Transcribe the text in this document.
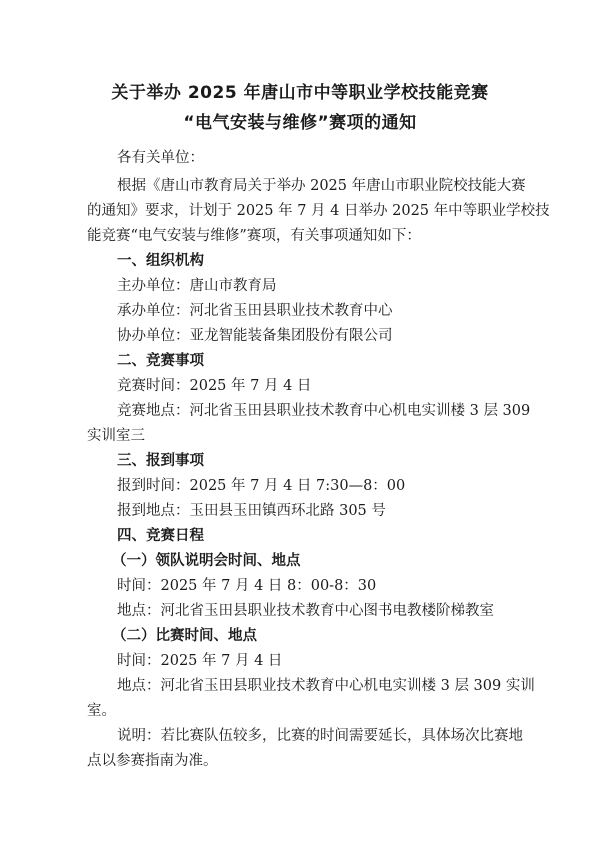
关于举办 2025 年唐山市中等职业学校技能竞赛
“电气安装与维修”赛项的通知

各有关单位：

根据《唐山市教育局关于举办 2025 年唐山市职业院校技能大赛

的通知》要求，计划于 2025 年 7 月 4 日举办 2025 年中等职业学校技

能竞赛“电气安装与维修”赛项，有关事项通知如下：

一、组织机构

主办单位：唐山市教育局

承办单位：河北省玉田县职业技术教育中心

协办单位：亚龙智能装备集团股份有限公司

二、竞赛事项

竞赛时间：2025 年 7 月 4 日

竞赛地点：河北省玉田县职业技术教育中心机电实训楼 3 层 309

实训室三

三、报到事项

报到时间：2025 年 7 月 4 日 7:30—8：00

报到地点：玉田县玉田镇西环北路 305 号

四、竞赛日程

（一）领队说明会时间、地点

时间：2025 年 7 月 4 日 8：00-8：30

地点：河北省玉田县职业技术教育中心图书电教楼阶梯教室

（二）比赛时间、地点

时间：2025 年 7 月 4 日

地点：河北省玉田县职业技术教育中心机电实训楼 3 层 309 实训

室。

说明：若比赛队伍较多，比赛的时间需要延长，具体场次比赛地

点以参赛指南为准。
